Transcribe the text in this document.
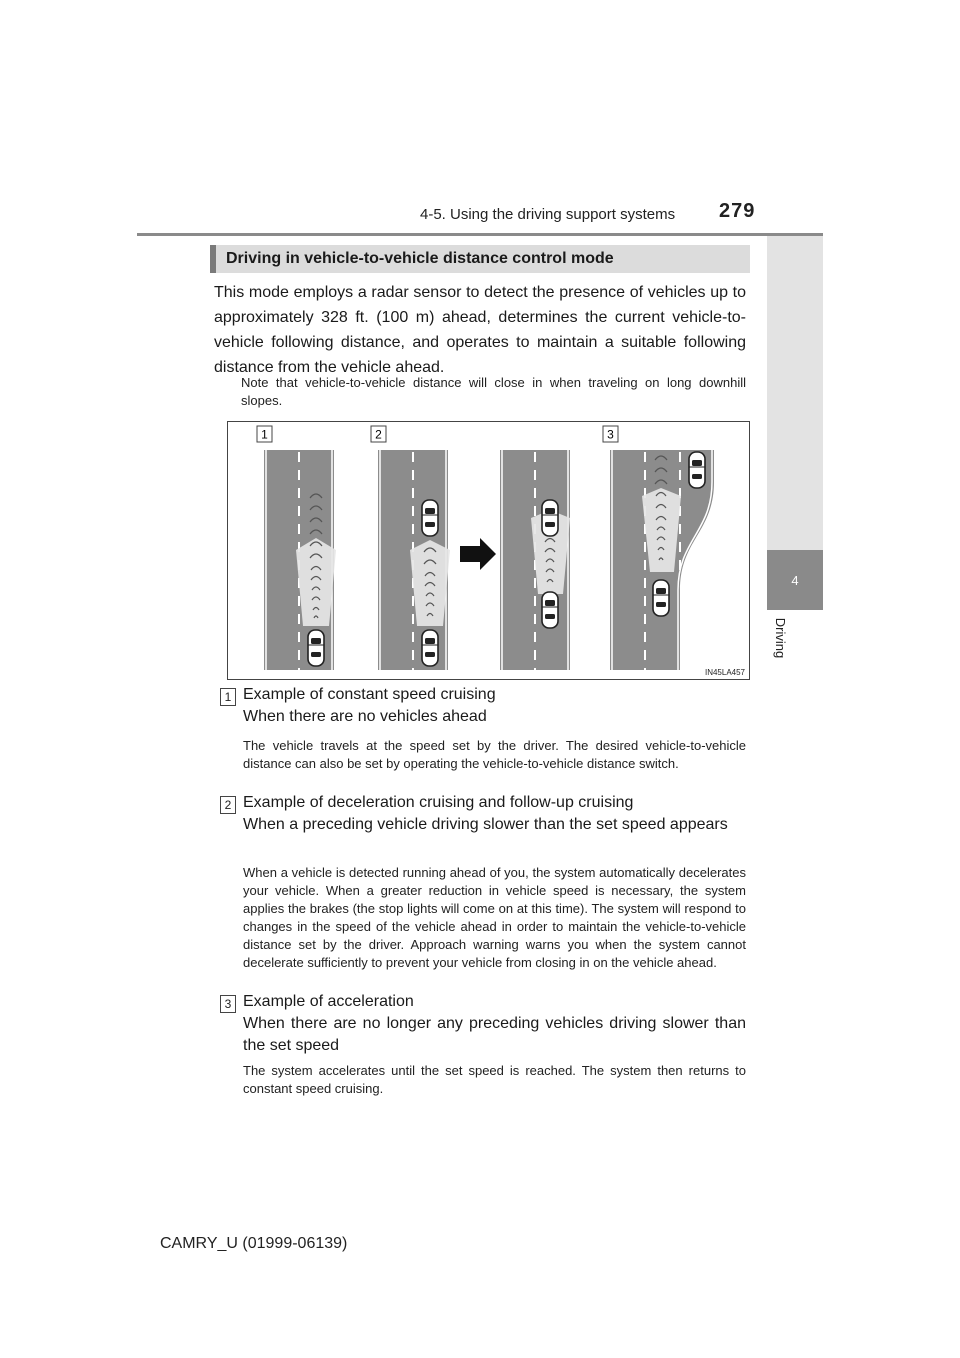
4-5. Using the driving support systems 279
4
Driving
Driving in vehicle-to-vehicle distance control mode
This mode employs a radar sensor to detect the presence of vehicles up to approximately 328 ft. (100 m) ahead, determines the current vehicle-to-vehicle following distance, and operates to maintain a suitable following distance from the vehicle ahead.
Note that vehicle-to-vehicle distance will close in when traveling on long downhill slopes.
1	2	3
IN45LA457
1 Example of constant speed cruising
When there are no vehicles ahead
The vehicle travels at the speed set by the driver. The desired vehicle-to-vehicle distance can also be set by operating the vehicle-to-vehicle distance switch.
2 Example of deceleration cruising and follow-up cruising
When a preceding vehicle driving slower than the set speed appears
When a vehicle is detected running ahead of you, the system automatically decelerates your vehicle. When a greater reduction in vehicle speed is necessary, the system applies the brakes (the stop lights will come on at this time). The system will respond to changes in the speed of the vehicle ahead in order to maintain the vehicle-to-vehicle distance set by the driver. Approach warning warns you when the system cannot decelerate sufficiently to prevent your vehicle from closing in on the vehicle ahead.
3 Example of acceleration
When there are no longer any preceding vehicles driving slower than the set speed
The system accelerates until the set speed is reached. The system then returns to constant speed cruising.
CAMRY_U (01999-06139)
